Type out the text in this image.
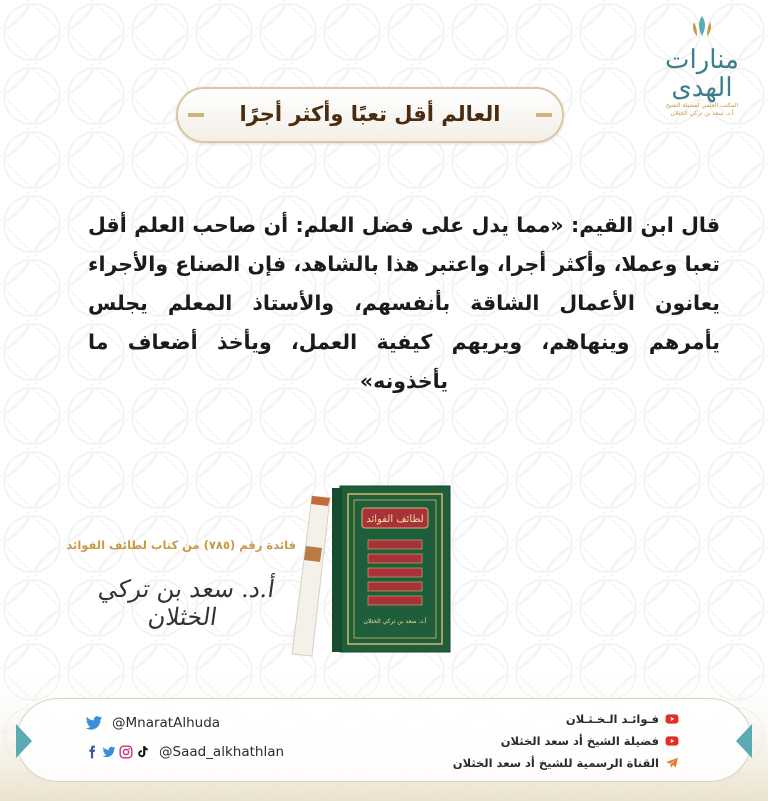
منارات الهدى
المكتب العلمي لفضيلة الشيخ
أ.د. سعد بن تركي الخثلان
العالم أقل تعبًا وأكثر أجرًا
قال ابن القيم: «مما يدل على فضل العلم: أن صاحب العلم أقل تعبا وعملا، وأكثر أجرا، واعتبر هذا بالشاهد، فإن الصناع والأجراء يعانون الأعمال الشاقة بأنفسهم، والأستاذ المعلم يجلس يأمرهم وينهاهم، ويريهم كيفية العمل، ويأخذ أضعاف ما يأخذونه»
فائدة رقم (٧٨٥) من كتاب لطائف الفوائد
أ.د. سعد بن تركي الخثلان
لطائف الفوائد
أ.د. سعد بن تركي الخثلان
@MnaratAlhuda
@Saad_alkhathlan
فـوائـد الـخـثـلان
فضيلة الشيخ أد سعد الخثلان
القناة الرسمية للشيخ أد سعد الخثلان
